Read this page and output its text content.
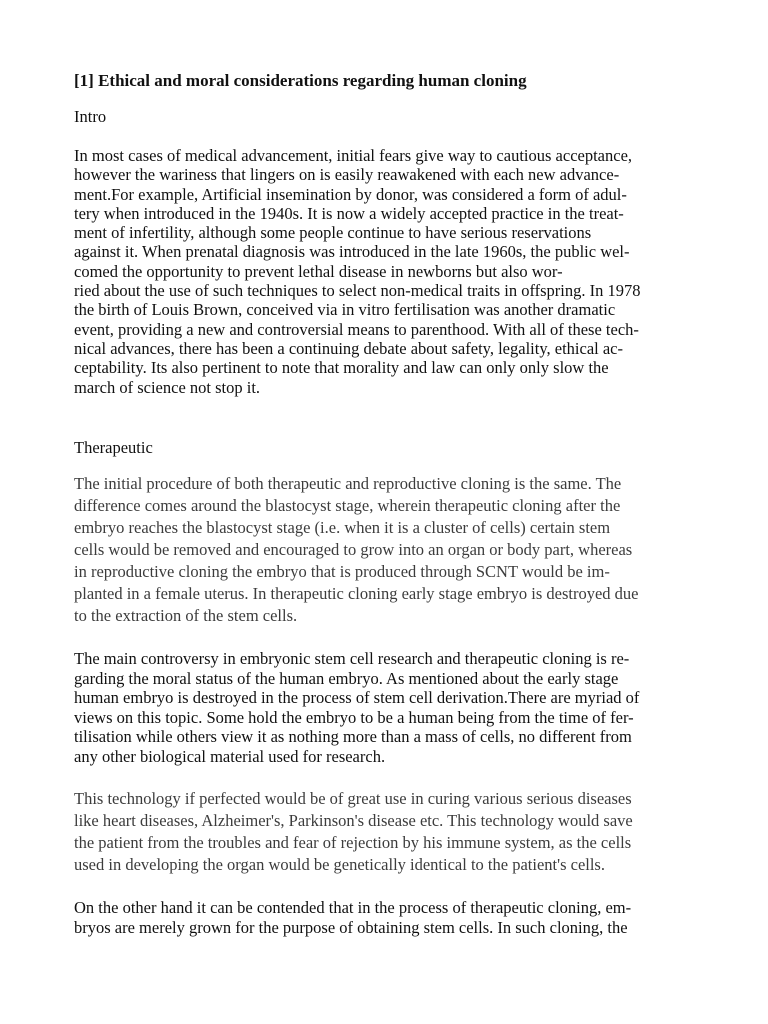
[1] Ethical and moral considerations regarding human cloning
Intro
In most cases of medical advancement, initial fears give way to cautious acceptance,
however the wariness that lingers on is easily reawakened with each new advance-
ment.For example, Artificial insemination by donor, was considered a form of adul-
tery when introduced in the 1940s. It is now a widely accepted practice in the treat-
ment of infertility, although some people continue to have serious reservations
against it. When prenatal diagnosis was introduced in the late 1960s, the public wel-
comed the opportunity to prevent lethal disease in newborns but also wor-
ried about the use of such techniques to select non-medical traits in offspring. In 1978
the birth of Louis Brown, conceived via in vitro fertilisation was another dramatic
event, providing a new and controversial means to parenthood. With all of these tech-
nical advances, there has been a continuing debate about safety, legality, ethical ac-
ceptability. Its also pertinent to note that morality and law can only only slow the
march of science not stop it.
Therapeutic
The initial procedure of both therapeutic and reproductive cloning is the same. The
difference comes around the blastocyst stage, wherein therapeutic cloning after the
embryo reaches the blastocyst stage (i.e. when it is a cluster of cells) certain stem
cells would be removed and encouraged to grow into an organ or body part, whereas
in reproductive cloning the embryo that is produced through SCNT would be im-
planted in a female uterus. In therapeutic cloning early stage embryo is destroyed due
to the extraction of the stem cells.
The main controversy in embryonic stem cell research and therapeutic cloning is re-
garding the moral status of the human embryo. As mentioned about the early stage
human embryo is destroyed in the process of stem cell derivation.There are myriad of
views on this topic. Some hold the embryo to be a human being from the time of fer-
tilisation while others view it as nothing more than a mass of cells, no different from
any other biological material used for research.
This technology if perfected would be of great use in curing various serious diseases
like heart diseases, Alzheimer's, Parkinson's disease etc. This technology would save
the patient from the troubles and fear of rejection by his immune system, as the cells
used in developing the organ would be genetically identical to the patient's cells.
On the other hand it can be contended that in the process of therapeutic cloning, em-
bryos are merely grown for the purpose of obtaining stem cells. In such cloning, the
